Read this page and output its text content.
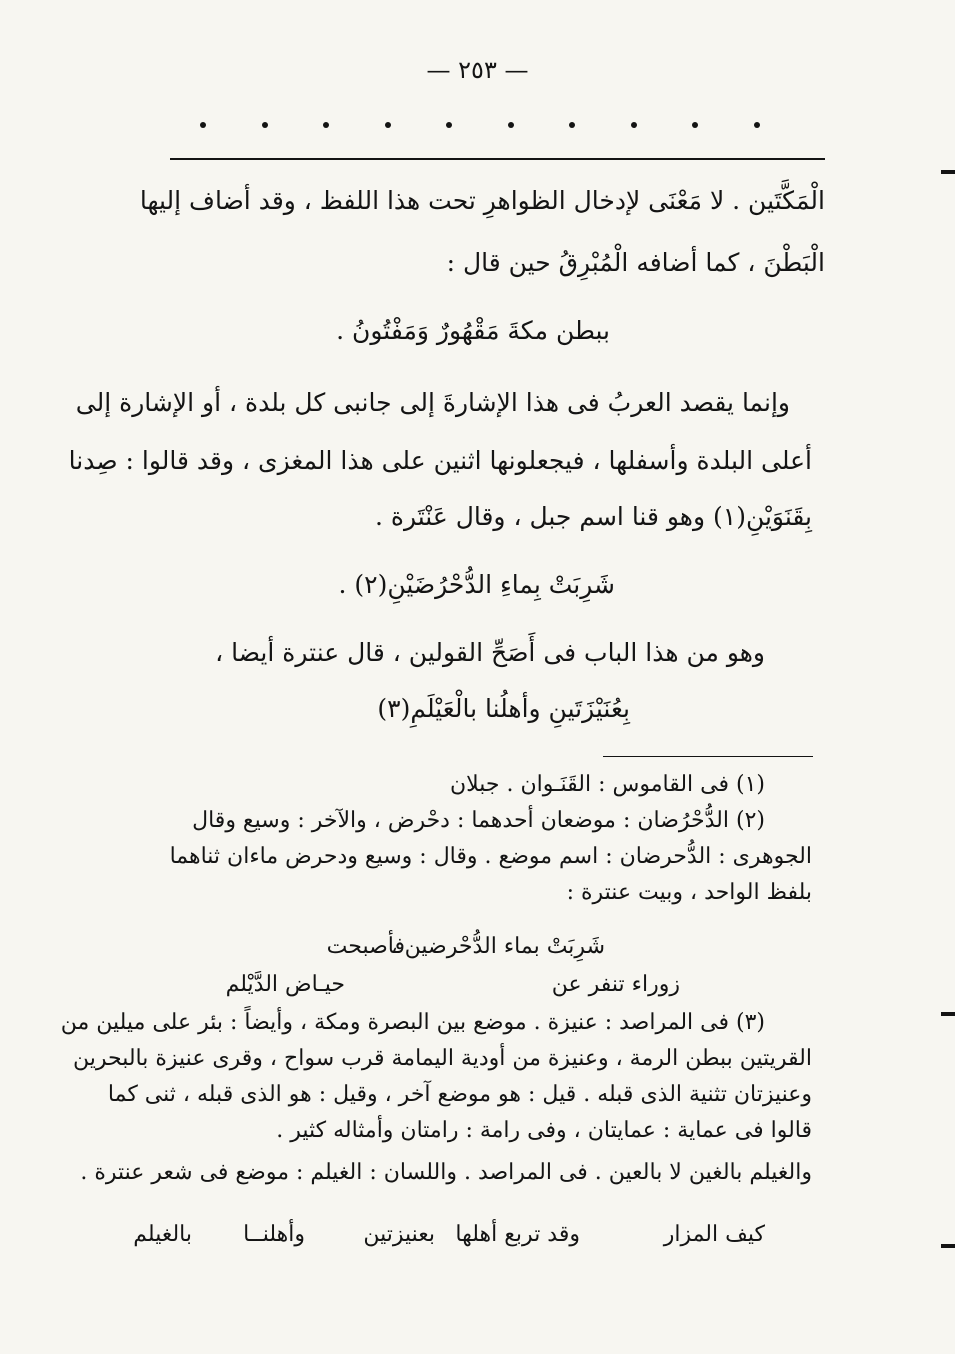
— ٢٥٣ —
الْمَكَّتَين . لا مَعْنَى لإدخال الظواهرِ تحت هذا اللفظ ، وقد أضاف إليها
الْبَطْنَ ، كما أضافه الْمُبْرِقُ حين قال :
ببطن مكةَ مَقْهُورٌ وَمَفْتُونُ .
وإنما يقصد العربُ فى هذا الإشارةَ إلى جانبى كل بلدة ، أو الإشارة إلى
أعلى البلدة وأسفلها ، فيجعلونها اثنين على هذا المغزى ، وقد قالوا : صِدنا
بِقَنَوَيْنِ(١) وهو قنا اسم جبل ، وقال عَنْتَرة .
شَرِبَتْ بِماءِ الدُّحْرُضَيْنِ(٢) .
وهو من هذا الباب فى أَصَحِّ القولين ، قال عنترة أيضا ،
بِعُنَيْزَتَينِ وأهلُنا بالْعَيْلَمِ(٣)
(١) فى القاموس : القَنَـوان . جبلان
(٢) الدُّحْرُضان : موضعان أحدهما : دحْرض ، والآخر : وسيع وقال
الجوهرى : الدُّحرضان : اسم موضع . وقال : وسيع ودحرض ماءان ثناهما
بلفظ الواحد ، وبيت عنترة :
شَرِبَتْ بماء الدُّحْرضين ،
فأصبحت
زوراء تنفر عن
حيـاض الدَّيْلم
(٣) فى المراصد : عنيزة . موضع بين البصرة ومكة ، وأيضاً : بئر على ميلين من
القريتين ببطن الرمة ، وعنيزة من أودية اليمامة قرب سواح ، وقرى عنيزة بالبحرين
وعنيزتان تثنية الذى قبله . قيل : هو موضع آخر ، وقيل : هو الذى قبله ، ثنى كما
قالوا فى عماية : عمايتان ، وفى رامة : رامتان وأمثاله كثير .
والغيلم بالغين لا بالعين . فى المراصد . واللسان : الغيلم : موضع فى شعر عنترة .
كيف المزار
وقد تربع أهلها
بعنيزتين
وأهلنــا
بالغيلم
